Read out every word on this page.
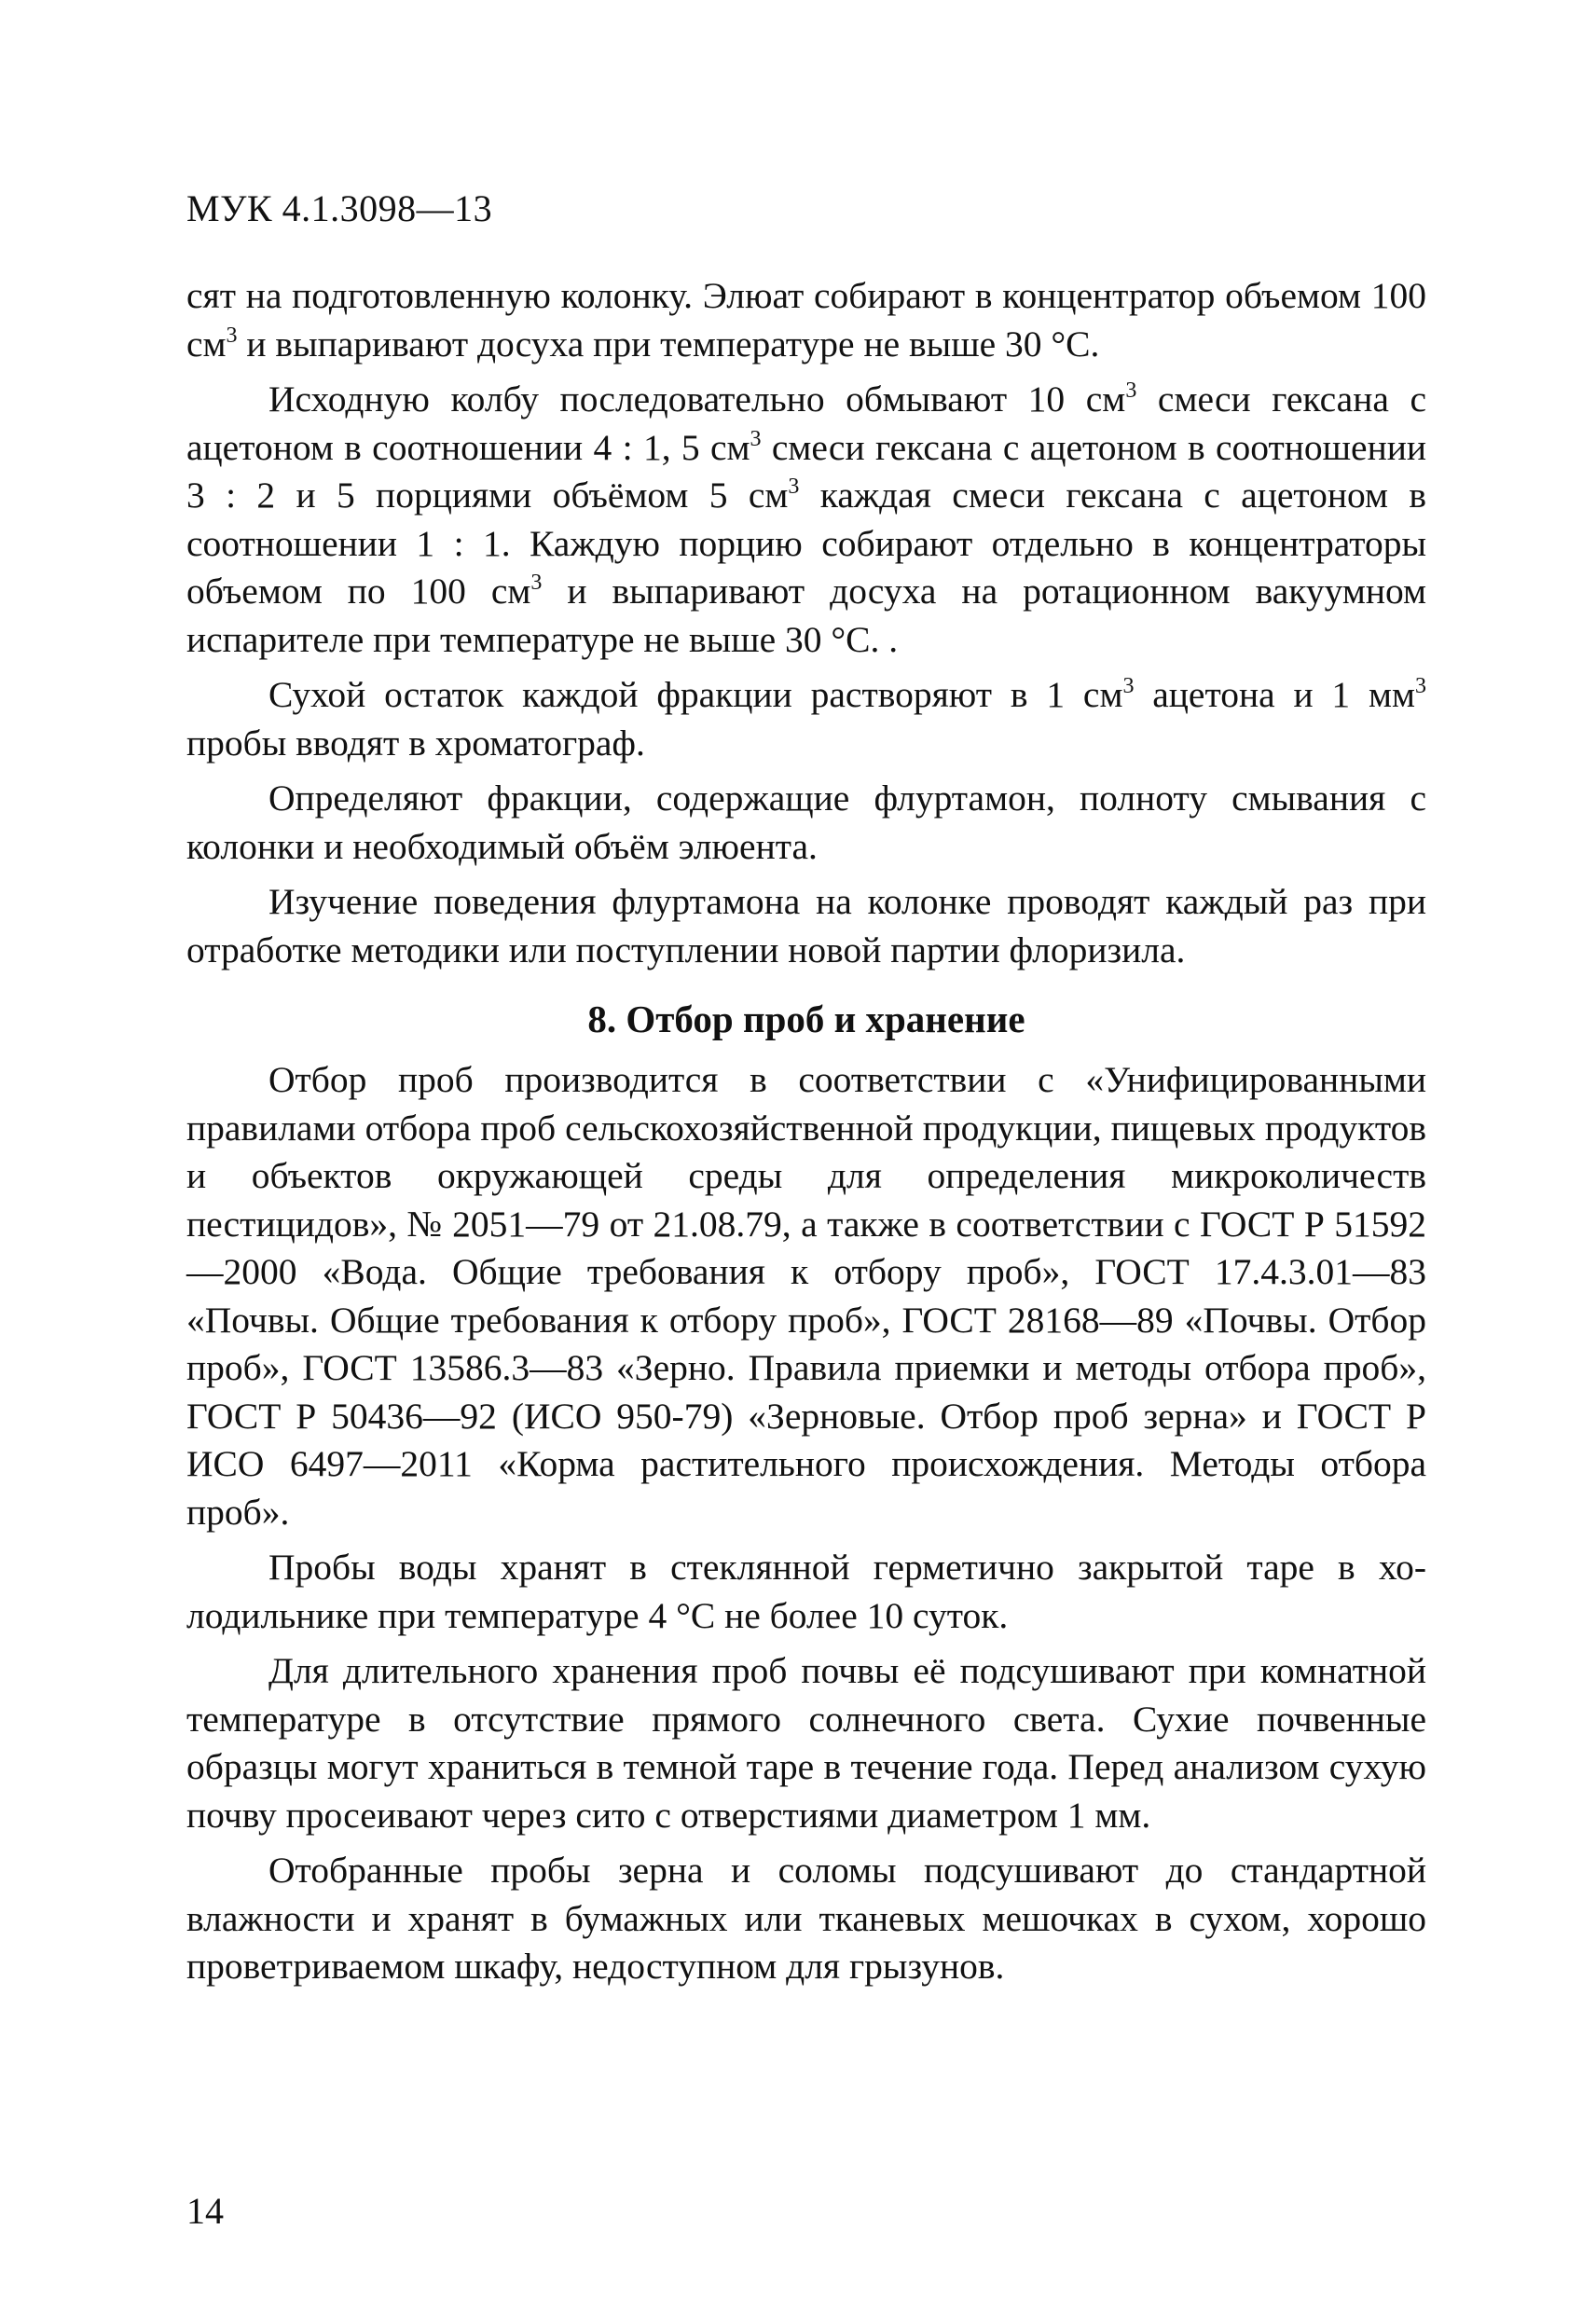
МУК 4.1.3098—13

сят на подготовленную колонку. Элюат собирают в концентратор объемом 100 $см^3$ и выпаривают досуха при температуре не выше 30 °С.

Исходную колбу последовательно обмывают 10 $см^3$ смеси гексана с ацетоном в соотношении 4 : 1, 5 $см^3$ смеси гексана с ацетоном в соотношении 3 : 2 и 5 порциями объёмом 5 $см^3$ каждая смеси гексана с ацетоном в соотношении 1 : 1. Каждую порцию собирают отдельно в концентраторы объемом по 100 $см^3$ и выпаривают досуха на ротационном вакуумном испарителе при температуре не выше 30 °С. .

Сухой остаток каждой фракции растворяют в 1 $см^3$ ацетона и 1 $мм^3$ пробы вводят в хроматограф.

Определяют фракции, содержащие флуртамон, полноту смывания с колонки и необходимый объём элюента.

Изучение поведения флуртамона на колонке проводят каждый раз при отработке методики или поступлении новой партии флоризила.

8. Отбор проб и хранение

Отбор проб производится в соответствии с «Унифицированными правилами отбора проб сельскохозяйственной продукции, пищевых продуктов и объектов окружающей среды для определения микроколичеств пестицидов», № 2051—79 от 21.08.79, а также в соответствии с ГОСТ Р 51592—2000 «Вода. Общие требования к отбору проб», ГОСТ 17.4.3.01—83 «Почвы. Общие требования к отбору проб», ГОСТ 28168—89 «Почвы. Отбор проб», ГОСТ 13586.3—83 «Зерно. Правила приемки и методы отбора проб», ГОСТ Р 50436—92 (ИСО 950-79) «Зерновые. Отбор проб зерна» и ГОСТ Р ИСО 6497—2011 «Корма растительного происхождения. Методы отбора проб».

Пробы воды хранят в стеклянной герметично закрытой таре в холодильнике при температуре 4 °С не более 10 суток.

Для длительного хранения проб почвы её подсушивают при комнатной температуре в отсутствие прямого солнечного света. Сухие почвенные образцы могут храниться в темной таре в течение года. Перед анализом сухую почву просеивают через сито с отверстиями диаметром 1 мм.

Отобранные пробы зерна и соломы подсушивают до стандартной влажности и хранят в бумажных или тканевых мешочках в сухом, хорошо проветриваемом шкафу, недоступном для грызунов.

14
